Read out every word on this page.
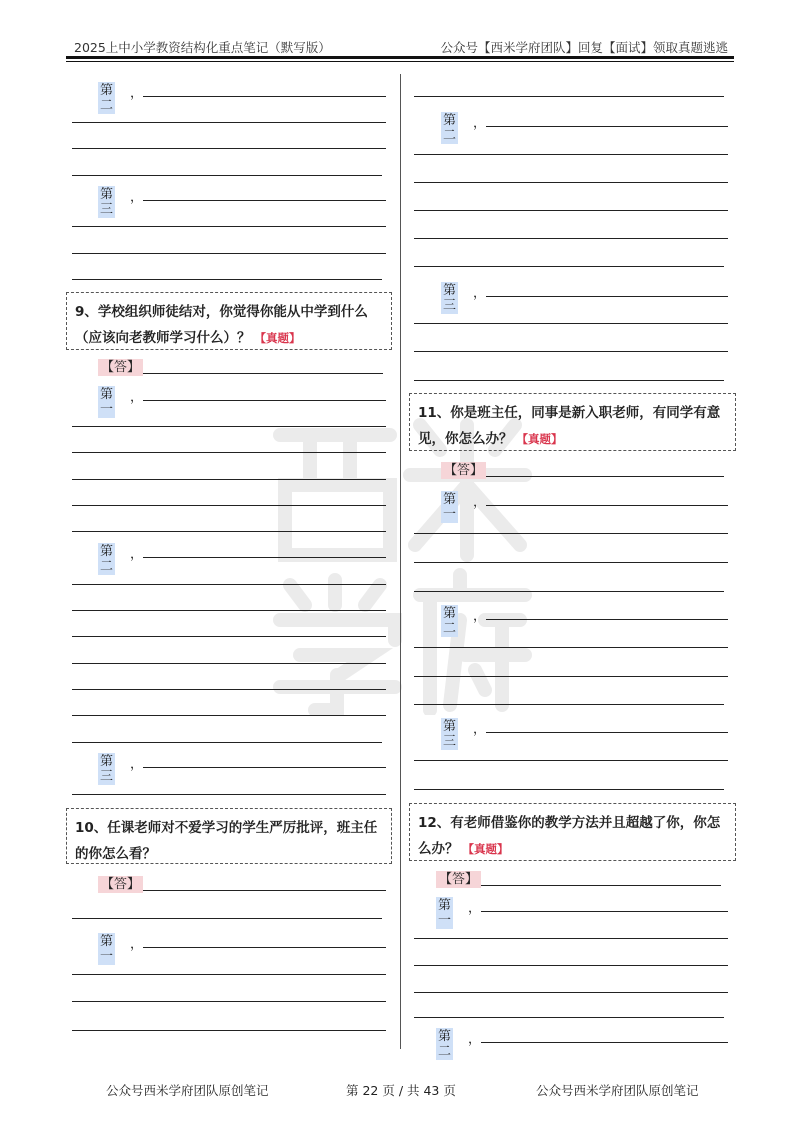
2025上中小学教资结构化重点笔记（默写版）	公众号【西米学府团队】回复【面试】领取真题逃逃
第二
，
第三
，
9、学校组织师徒结对，你觉得你能从中学到什么（应该向老教师学习什么）？ 【真题】
【答】
第一
，
第二
，
第三
，
10、任课老师对不爱学习的学生严厉批评，班主任的你怎么看？
【答】
第一
，
第二
，
第三
，
11、你是班主任，同事是新入职老师，有同学有意见，你怎么办？ 【真题】
【答】
第一
，
第二
，
第三
，
12、有老师借鉴你的教学方法并且超越了你，你怎么办？ 【真题】
【答】
第一
，
第二
，
公众号西米学府团队原创笔记	第 22 页 / 共 43 页	公众号西米学府团队原创笔记
